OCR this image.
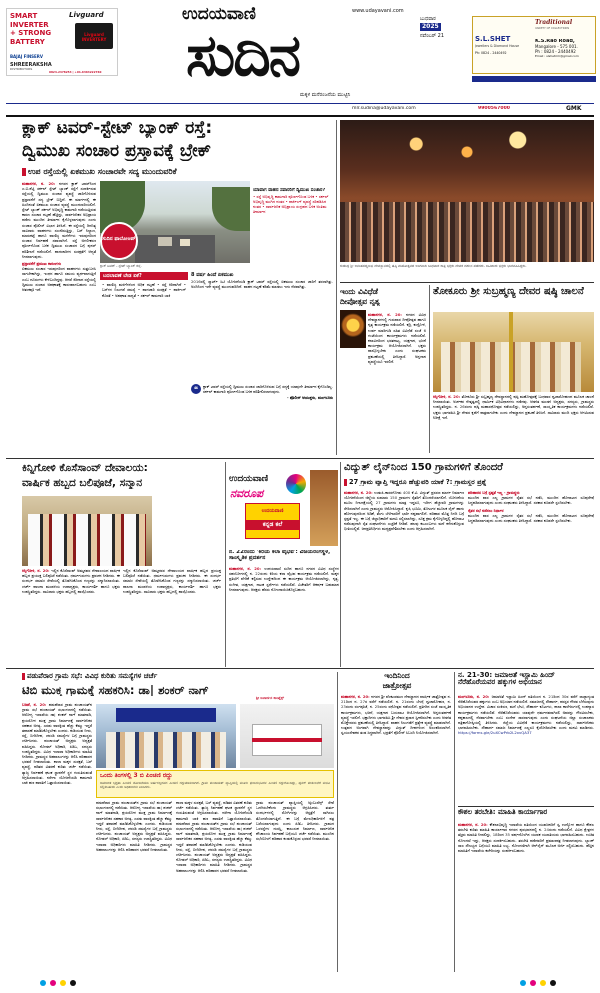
SMART
INVERTER
+ STRONG
BATTERY
Livguard
Livguard INVERTERY
BAJAJ FINSERV
SHREERAKSHA
DISTRIBUTORS
0824-2478254 | +91-6364222760
ಉದಯವಾಣಿ	www.udayavani.com
ಸುದಿನ
ಮಕ್ಕಳ ಮನೆರಂಜನೆಯ ಮುಟ್ಟಿನಿ
ಬುಧವಾರ
2025
ನವೆಂಬರ್ 21	S.L.SHET
Jewellers & Diamond House
Traditional
VARIETY OF COLLECTIONS
K.S.Rao Road,
Mangalore - 575 001.
Ph : 0824 - 2440492
Email : slshetmlr@gmail.com
Ph: 0824 - 2440492
mlr.sudina@udayavani.com	9900567000	GMK
ಕ್ಲಾಕ್ ಟವರ್-ಸ್ಟೇಟ್ ಬ್ಯಾಂಕ್ ರಸ್ತೆ:
ದ್ವಿಮುಖ ಸಂಚಾರ ಪ್ರಸ್ತಾವಕ್ಕೆ ಬ್ರೇಕ್
ಉಪ ರಸ್ತೆಯಲ್ಲಿ ಏಕಮುಖ ಸಂಚಾರವೇ ಸದ್ಯ ಮುಂದುವರಿಕೆ
ಮಹಾನಗರ, ನ. 20: ನಗರದ ಕ್ಲಾಕ್ ಟವರ್‌ನಿಂದ ಎ.ಬಿ.ಶೆಟ್ಟಿ ಸರ್ಕಲ್ ಸ್ಟೇಟ್ ಬ್ಯಾಂಕ್ ರಸ್ತೆಗೆ ಸಂಪರ್ಕಿಸುವ ರಸ್ತೆಯಲ್ಲಿ ದ್ವಿಮುಖ ಸಂಚಾರ ವ್ಯವಸ್ಥೆ ಜಾರಿಗೊಳಿಸುವ ಪ್ರಸ್ತಾವನೆಗೆ ಸದ್ಯ ಬ್ರೇಕ್ ಬಿದ್ದಿದೆ. ಈ ಮಾರ್ಗದಲ್ಲಿ ಈ ಹಿಂದಿನಂತೆ ಏಕಮುಖ ಸಂಚಾರ ವ್ಯವಸ್ಥೆ ಮುಂದುವರಿಯಲಿದೆ. ಸ್ಟೇಟ್ ಬ್ಯಾಂಕ್ ಸರ್ಕಲ್ ಅಭಿವೃದ್ಧಿ ಕಾಮಗಾರಿ ನಡೆಯುತ್ತಿರುವ ಕಾರಣ ಸಂಚಾರ ದಟ್ಟಣೆ ಹೆಚ್ಚಿದ್ದು, ಸಾರ್ವಜನಿಕರ ಅಭಿಪ್ರಾಯ ಪಡೆದು ಮುಂದಿನ ತೀರ್ಮಾನ ಕೈಗೊಳ್ಳಲಾಗುವುದು ಎಂದು ಸಂಚಾರ ಪೊಲೀಸ್ ವಿಭಾಗ ತಿಳಿಸಿದೆ. ಈ ರಸ್ತೆಯಲ್ಲಿ ದಿನನಿತ್ಯ ಸಾವಿರಾರು ವಾಹನಗಳು ಸಂಚರಿಸುತ್ತಿದ್ದು, ಬಸ್ ನಿಲ್ದಾಣ, ಮಾರುಕಟ್ಟೆ ಹಾಗೂ ವಾಣಿಜ್ಯ ಮಳಿಗೆಗಳು ಇರುವುದರಿಂದ ಸಂಚಾರ ನಿರ್ವಹಣೆ ಸವಾಲಾಗಿದೆ. ರಸ್ತೆ ಅಗಲೀಕರಣ ಪೂರ್ಣಗೊಂಡ ಬಳಿಕ ದ್ವಿಮುಖ ಸಂಚಾರದ ಬಗ್ಗೆ ಪುನರ್ ಪರಿಶೀಲನೆ ನಡೆಯಲಿದೆ. ಪಾದಚಾರಿಗಳ ಸುರಕ್ಷತೆಗೆ ಆದ್ಯತೆ ನೀಡಲಾಗುವುದು.
ಪ್ರಸ್ತಾವನೆಗೆ ಪ್ರಮುಖ ಕಾರಣಗಳು
ಏಕಮುಖ ಸಂಚಾರ ಇರುವುದರಿಂದ ವಾಹನಗಳು ಸುತ್ತುಬಳಸಿ ಸಾಗಬೇಕಾಗಿದ್ದು, ಇಂಧನ ಹಾಗೂ ಸಮಯ ವ್ಯರ್ಥವಾಗುತ್ತಿದೆ ಎಂಬ ದೂರುಗಳು ಕೇಳಿಬಂದಿದ್ದವು. ಆದರೆ ಕಿರಿದಾದ ರಸ್ತೆಯಲ್ಲಿ ದ್ವಿಮುಖ ಸಂಚಾರ ಅಪಘಾತಕ್ಕೆ ಕಾರಣವಾಗಬಹುದು ಎಂಬ ಆತಂಕವೂ ಇದೆ.
ಸುದಿನ ಫಾಲೋಅಪ್
ಕ್ಲಾಕ್ ಟವರ್ - ಸ್ಟೇಟ್ ಬ್ಯಾಂಕ್ ರಸ್ತೆ.
ಯಾವಾಗ ವಾಹನ ಸವಾರರಿಗೆ ದ್ವಿಮುಖ ಸಂಚಾರ?
• ರಸ್ತೆ ಅಭಿವೃದ್ಧಿ ಕಾಮಗಾರಿ ಪೂರ್ಣಗೊಂಡ ಬಳಿಕ • ಸರ್ಕಲ್ ಅಭಿವೃದ್ಧಿ ಮುಗಿದ ನಂತರ • ಪಾರ್ಕಿಂಗ್ ವ್ಯವಸ್ಥೆ ಸರಿಪಡಿಸಿದ ನಂತರ • ಸಾರ್ವಜನಿಕ ಅಭಿಪ್ರಾಯ ಸಂಗ್ರಹದ ಬಳಿಕ ಅಂತಿಮ ತೀರ್ಮಾನ
ಬದಲಾವಣೆ ಬೇಡ ಏಕೆ?
• ವಾಣಿಜ್ಯ ಮಳಿಗೆಗಳಿಂದ ಅಧಿಕ ದಟ್ಟಣೆ • ರಸ್ತೆ ಕಿರಿದಾಗಿದೆ • ಬಸ್‌ಗಳ ನಿಲುಗಡೆ ಸಮಸ್ಯೆ • ಪಾದಚಾರಿ ಸುರಕ್ಷತೆ • ಪಾರ್ಕಿಂಗ್ ಕೊರತೆ • ಅಪಘಾತ ಸಾಧ್ಯತೆ • ಸರ್ಕಲ್ ಕಾಮಗಾರಿ ಬಾಕಿ
8 ವರ್ಷ ಹಿಂದೆ ಏಕಮುಖ
2016ರಲ್ಲಿ ಸ್ಮಾರ್ಟ್ ಸಿಟಿ ಯೋಜನೆಯಡಿ ಕ್ಲಾಕ್ ಟವರ್ ರಸ್ತೆಯಲ್ಲಿ ಏಕಮುಖ ಸಂಚಾರ ಜಾರಿಗೆ ತರಲಾಗಿತ್ತು. ಅಂದಿನಿಂದ ಇದೇ ವ್ಯವಸ್ಥೆ ಮುಂದುವರಿದಿದೆ. ವಾಹನ ದಟ್ಟಣೆ ಕಡಿಮೆ ಮಾಡಲು ಇದು ನೆರವಾಗಿತ್ತು.
❝	ಕ್ಲಾಕ್ ಟವರ್ ರಸ್ತೆಯಲ್ಲಿ ದ್ವಿಮುಖ ಸಂಚಾರ ಜಾರಿಗೊಳಿಸುವ ಬಗ್ಗೆ ಸದ್ಯಕ್ಕೆ ಯಾವುದೇ ತೀರ್ಮಾನ ಕೈಗೊಂಡಿಲ್ಲ. ಸರ್ಕಲ್ ಕಾಮಗಾರಿ ಪೂರ್ಣಗೊಂಡ ಬಳಿಕ ಪರಿಶೀಲಿಸಲಾಗುವುದು.
- ಪೊಲೀಸ್ ಆಯುಕ್ತರು, ಮಂಗಳೂರು
ಕುಡುಪು ಶ್ರೀ ಅನಂತಪದ್ಮನಾಭ ದೇವಸ್ಥಾನದಲ್ಲಿ ಷಷ್ಠಿ ಮಹೋತ್ಸವದ ಅಂಗವಾಗಿ ಬುಧವಾರ ರಾತ್ರಿ ಭಕ್ತರು ದೇವರ ದರ್ಶನ ಪಡೆದರು. ಸಾವಿರಾರು ಭಕ್ತರು ಭಾಗವಹಿಸಿದ್ದರು.
ಇಂದು ವಿವಿಧೆಡೆ
ದೀಪೋತ್ಸವ ನೃತ್ಯ
ಮಹಾನಗರ, ನ. 20: ನಗರದ ವಿವಿಧ ದೇವಸ್ಥಾನಗಳಲ್ಲಿ ಗುರುವಾರ ದೀಪೋತ್ಸವ ಹಾಗೂ ನೃತ್ಯ ಕಾರ್ಯಕ್ರಮ ನಡೆಯಲಿದೆ. ಕದ್ರಿ, ಕುದ್ರೋಳಿ, ಉರ್ವ ಮಾರಿಗುಡಿ ಸಹಿತ ವಿವಿಧೆಡೆ ಸಂಜೆ 6 ಗಂಟೆಯಿಂದ ಕಾರ್ಯಕ್ರಮಗಳು ನಡೆಯಲಿವೆ. ಕಲಾವಿದರಿಂದ ಭರತನಾಟ್ಯ, ಯಕ್ಷಗಾನ, ಭಜನೆ ಕಾರ್ಯಕ್ರಮ ಆಯೋಜಿಸಲಾಗಿದೆ. ಭಕ್ತರು ಪಾಲ್ಗೊಳ್ಳಬೇಕು ಎಂದು ಸಂಘಟಕರು ಪ್ರಕಟಣೆಯಲ್ಲಿ ತಿಳಿಸಿದ್ದಾರೆ. ಅನ್ನದಾನ ವ್ಯವಸ್ಥೆಯೂ ಇರಲಿದೆ.
ತೋಕೂರು ಶ್ರೀ ಸುಬ್ರಹ್ಮಣ್ಯ ದೇವರ ಷಷ್ಠಿ ಚಾಲನೆ
ಕಿನ್ನಿಗೋಳಿ, ನ. 20: ತೋಕೂರು ಶ್ರೀ ಸುಬ್ರಹ್ಮಣ್ಯ ದೇವಸ್ಥಾನದಲ್ಲಿ ಷಷ್ಠಿ ಮಹೋತ್ಸವಕ್ಕೆ ಬುಧವಾರ ಧ್ವಜಾರೋಹಣದ ಮೂಲಕ ಚಾಲನೆ ನೀಡಲಾಯಿತು. ಅರ್ಚಕರ ನೇತೃತ್ವದಲ್ಲಿ ಧಾರ್ಮಿಕ ವಿಧಿವಿಧಾನಗಳು ನಡೆದವು. ಆಡಳಿತ ಮಂಡಳಿ ಅಧ್ಯಕ್ಷರು, ಸದಸ್ಯರು, ಗ್ರಾಮಸ್ಥರು ಉಪಸ್ಥಿತರಿದ್ದರು. ನ. 26ರಂದು ಷಷ್ಠಿ ಮಹಾರಥೋತ್ಸವ ನಡೆಯಲಿದ್ದು, ಅನ್ನಸಂತರ್ಪಣೆ, ಸಾಂಸ್ಕೃತಿಕ ಕಾರ್ಯಕ್ರಮಗಳು ನಡೆಯಲಿವೆ. ಭಕ್ತರು ಭಾಗವಹಿಸಿ ಶ್ರೀ ದೇವರ ಕೃಪೆಗೆ ಪಾತ್ರರಾಗಬೇಕು ಎಂದು ದೇವಸ್ಥಾನದ ಪ್ರಕಟಣೆ ತಿಳಿಸಿದೆ. ಸಾವಿರಾರು ಮಂದಿ ಭಕ್ತರು ಆಗಮಿಸುವ ನಿರೀಕ್ಷೆ ಇದೆ.
ಕಿನ್ನಿಗೋಳಿ ಕೊಸೆಸಾಂವ್ ದೇವಾಲಯ:
ವಾರ್ಷಿಕ ಹಬ್ಬದ ಬಲಿಪೂಜೆ, ಸನ್ಮಾನ
ಕಿನ್ನಿಗೋಳಿ, ನ. 20: ಇಲ್ಲಿನ ಕೊಸೆಸಾಂವ್ ಅಮ್ಮನವರ ದೇವಾಲಯದ ವಾರ್ಷಿಕ ಹಬ್ಬದ ಪ್ರಯುಕ್ತ ಬಲಿಪೂಜೆ ನಡೆಯಿತು. ಧರ್ಮಗುರುಗಳು ಪ್ರವಚನ ನೀಡಿದರು. ಈ ಸಂದರ್ಭ ಸಮಾಜ ಸೇವೆಯಲ್ಲಿ ತೊಡಗಿಸಿಕೊಂಡ ಗಣ್ಯರನ್ನು ಸನ್ಮಾನಿಸಲಾಯಿತು. ಚರ್ಚ್ ಪಾಲನಾ ಮಂಡಳಿಯ ಉಪಾಧ್ಯಕ್ಷರು, ಕಾರ್ಯದರ್ಶಿ ಹಾಗೂ ಭಕ್ತರು ಉಪಸ್ಥಿತರಿದ್ದರು. ಸಾವಿರಾರು ಭಕ್ತರು ಹಬ್ಬದಲ್ಲಿ ಪಾಲ್ಗೊಂಡರು.
ಇಲ್ಲಿನ ಕೊಸೆಸಾಂವ್ ಅಮ್ಮನವರ ದೇವಾಲಯದ ವಾರ್ಷಿಕ ಹಬ್ಬದ ಪ್ರಯುಕ್ತ ಬಲಿಪೂಜೆ ನಡೆಯಿತು. ಧರ್ಮಗುರುಗಳು ಪ್ರವಚನ ನೀಡಿದರು. ಈ ಸಂದರ್ಭ ಸಮಾಜ ಸೇವೆಯಲ್ಲಿ ತೊಡಗಿಸಿಕೊಂಡ ಗಣ್ಯರನ್ನು ಸನ್ಮಾನಿಸಲಾಯಿತು. ಚರ್ಚ್ ಪಾಲನಾ ಮಂಡಳಿಯ ಉಪಾಧ್ಯಕ್ಷರು, ಕಾರ್ಯದರ್ಶಿ ಹಾಗೂ ಭಕ್ತರು ಉಪಸ್ಥಿತರಿದ್ದರು. ಸಾವಿರಾರು ಭಕ್ತರು ಹಬ್ಬದಲ್ಲಿ ಪಾಲ್ಗೊಂಡರು.
ಉದಯವಾಣಿ
ನವರೂಪ
ಉದಯವಾಣಿ
ಕನ್ನಡ ಕಲೆ
ನ. 22ರಂದು 'ಕಿರಿಯ ಕಲಾ ವೈಭವ': ವಿಜಯರಂಗಸ್ಥಳ, ಸಾಂಸ್ಕೃತಿಕ ಪ್ರದರ್ಶನ
ಮಹಾನಗರ, ನ. 20: ಉದಯವಾಣಿ ಸುದಿನ ಹಾಗೂ ನಗರದ ವಿವಿಧ ಸಂಸ್ಥೆಗಳ ಸಹಯೋಗದಲ್ಲಿ ನ. 22ರಂದು ಕಿರಿಯ ಕಲಾ ವೈಭವ ಕಾರ್ಯಕ್ರಮ ನಡೆಯಲಿದೆ. ಮಕ್ಕಳ ಪ್ರತಿಭೆಗೆ ವೇದಿಕೆ ಕಲ್ಪಿಸುವ ಉದ್ದೇಶದಿಂದ ಈ ಕಾರ್ಯಕ್ರಮ ಆಯೋಜಿಸಲಾಗಿದ್ದು, ನೃತ್ಯ, ಸಂಗೀತ, ಯಕ್ಷಗಾನ, ನಾಟಕ ಸ್ಪರ್ಧೆಗಳು ನಡೆಯಲಿವೆ. ವಿಜೇತರಿಗೆ ಆಕರ್ಷಕ ಬಹುಮಾನ ನೀಡಲಾಗುವುದು. ಆಸಕ್ತರು ಹೆಸರು ನೋಂದಾಯಿಸಿಕೊಳ್ಳಬಹುದು.
ವಿದ್ಯುತ್ ಲೈನ್‌ನಿಂದ 150 ಗ್ರಾಮಗಳಿಗೆ ತೊಂದರೆ
27 ಗ್ರಾಮ ವ್ಯಾಪ್ತಿ ಇದ್ದರೂ ಹೆಚ್ಚುವರಿ ಯಾಕೆ ?: ಗ್ರಾಮಸ್ಥರ ಪ್ರಶ್ನೆ
ಮಹಾನಗರ, ನ. 20: ಉಡುಪಿ-ಕಾಸರಗೋಡು 400 ಕೆ.ವಿ. ವಿದ್ಯುತ್ ಪ್ರಸರಣ ಮಾರ್ಗ ನಿರ್ಮಾಣ ಯೋಜನೆಯಿಂದ ಜಿಲ್ಲೆಯ ಸುಮಾರು 150 ಗ್ರಾಮಗಳ ರೈತರಿಗೆ ತೊಂದರೆಯಾಗಲಿದೆ. ಯೋಜನೆಯ ಮೂಲ ನೀಲನಕ್ಷೆಯಲ್ಲಿ 27 ಗ್ರಾಮಗಳು ಮಾತ್ರ ಇದ್ದರೂ, ಇದೀಗ ಹೆಚ್ಚುವರಿ ಗ್ರಾಮಗಳನ್ನು ಸೇರಿಸಲಾಗಿದೆ ಎಂದು ಗ್ರಾಮಸ್ಥರು ಆರೋಪಿಸಿದ್ದಾರೆ. ಕೃಷಿ ಭೂಮಿ, ತೋಟಗಳ ಮೂಲಕ ಲೈನ್ ಹಾದು ಹೋಗುವುದರಿಂದ ಅಡಿಕೆ, ತೆಂಗು ಬೆಳೆಗಾರರಿಗೆ ಭಾರೀ ನಷ್ಟವಾಗಲಿದೆ. ಪರಿಹಾರ ಮೊತ್ತ ನಿಗದಿ ಬಗ್ಗೆ ಸ್ಪಷ್ಟತೆ ಇಲ್ಲ. ಈ ಬಗ್ಗೆ ಜಿಲ್ಲಾಧಿಕಾರಿಗೆ ಮನವಿ ಸಲ್ಲಿಸಲಾಗಿದ್ದು, ಸೂಕ್ತ ಕ್ರಮ ಕೈಗೊಳ್ಳದಿದ್ದಲ್ಲಿ ಹೋರಾಟ ನಡೆಸುವುದಾಗಿ ರೈತ ಸಂಘಟನೆಗಳು ಎಚ್ಚರಿಕೆ ನೀಡಿವೆ. ಹಲವು ಕುಟುಂಬಗಳು ಮನೆ ಕಳೆದುಕೊಳ್ಳುವ ಭೀತಿಯಲ್ಲಿವೆ. ಜನಪ್ರತಿನಿಧಿಗಳು ಮಧ್ಯಪ್ರವೇಶಿಸಬೇಕು ಎಂದು ಆಗ್ರಹಿಸಲಾಗಿದೆ.
ಪರಿಹಾರದ ಬಗ್ಗೆ ಸ್ಪಷ್ಟತೆ ಇಲ್ಲ - ಗ್ರಾಮಸ್ಥರು
ಮುಂದಿನ ವಾರ ಎಲ್ಲ ಗ್ರಾಮಗಳ ರೈತರ ಸಭೆ ನಡೆಸಿ, ಮುಂದಿನ ಹೋರಾಟದ ರೂಪುರೇಷೆ ಸಿದ್ಧಪಡಿಸಲಾಗುವುದು ಎಂದು ಸಂಘಟಕರು ತಿಳಿಸಿದ್ದಾರೆ. ಸರಕಾರ ಕೂಡಲೇ ಸ್ಪಂದಿಸಬೇಕು.
ರೈತರ ಸಭೆ ನಡೆಸಲು ನಿರ್ಧಾರ
ಮುಂದಿನ ವಾರ ಎಲ್ಲ ಗ್ರಾಮಗಳ ರೈತರ ಸಭೆ ನಡೆಸಿ, ಮುಂದಿನ ಹೋರಾಟದ ರೂಪುರೇಷೆ ಸಿದ್ಧಪಡಿಸಲಾಗುವುದು ಎಂದು ಸಂಘಟಕರು ತಿಳಿಸಿದ್ದಾರೆ. ಸರಕಾರ ಕೂಡಲೇ ಸ್ಪಂದಿಸಬೇಕು.
ಪಡುಪೆರಾರ ಗ್ರಾಮ ಸಭೆ: ವಿವಿಧ ಕುರಿತು ಸಮಸ್ಯೆಗಳ ಚರ್ಚೆ
ಟಿಬಿ ಮುಕ್ತ ಗ್ರಾಮಕ್ಕೆ ಸಹಕರಿಸಿ: ಡಾ| ಶಂಕರ್ ನಾಗ್
ಬಜಪೆ, ನ. 20: ಪಡುಪೆರಾರ ಗ್ರಾಮ ಪಂಚಾಯತ್‌ನ ಗ್ರಾಮ ಸಭೆ ಪಂಚಾಯತ್ ಸಭಾಂಗಣದಲ್ಲಿ ನಡೆಯಿತು. ಆರೋಗ್ಯ ಇಲಾಖೆಯ ಡಾ| ಶಂಕರ್ ನಾಗ್ ಮಾತನಾಡಿ, ಕ್ಷಯರೋಗ ಮುಕ್ತ ಗ್ರಾಮ ನಿರ್ಮಾಣಕ್ಕೆ ಸಾರ್ವಜನಿಕರ ಸಹಕಾರ ಅಗತ್ಯ. ಎರಡು ವಾರಕ್ಕಿಂತ ಹೆಚ್ಚು ಕೆಮ್ಮು ಇದ್ದರೆ ತಪಾಸಣೆ ಮಾಡಿಸಿಕೊಳ್ಳಬೇಕು ಎಂದರು. ಕುಡಿಯುವ ನೀರು, ರಸ್ತೆ, ಬೀದಿದೀಪ, ಚರಂಡಿ ಸಮಸ್ಯೆಗಳ ಬಗ್ಗೆ ಗ್ರಾಮಸ್ಥರು ಚರ್ಚಿಸಿದರು. ಪಂಚಾಯತ್ ಅಧ್ಯಕ್ಷರು ಅಧ್ಯಕ್ಷತೆ ವಹಿಸಿದ್ದರು. ನೋಡಲ್ ಅಧಿಕಾರಿ, ಪಿಡಿಒ, ಸದಸ್ಯರು ಉಪಸ್ಥಿತರಿದ್ದರು. ವಿವಿಧ ಇಲಾಖಾ ಅಧಿಕಾರಿಗಳು ಮಾಹಿತಿ ನೀಡಿದರು. ಗ್ರಾಮಸ್ಥರ ಅಹವಾಲುಗಳನ್ನು ಆಲಿಸಿ ಪರಿಹಾರದ ಭರವಸೆ ನೀಡಲಾಯಿತು. ಶಾಲಾ ಮಕ್ಕಳ ಸುರಕ್ಷತೆ, ಬಸ್ ವ್ಯವಸ್ಥೆ, ಪಡಿತರ ವಿತರಣೆ ಕುರಿತು ಚರ್ಚೆ ನಡೆಯಿತು. ತ್ಯಾಜ್ಯ ನಿರ್ವಹಣೆ ಘಟಕ ಸ್ಥಾಪನೆಗೆ ಸ್ಥಳ ಗುರುತಿಸುವಂತೆ ಆಗ್ರಹಿಸಲಾಯಿತು. ನರೇಗಾ ಯೋಜನೆಯಡಿ ಕಾಮಗಾರಿ ಬಾಕಿ ಹಣ ಪಾವತಿಗೆ ಒತ್ತಾಯಿಸಲಾಯಿತು.
ಒಂದು ತಿಂಗಳಲ್ಲಿ 3 ಬಿ ಪಿಂಚಣಿ ರದ್ದು
ಸಾಮಾಜಿಕ ಭದ್ರತಾ ಪಿಂಚಣಿ ಯೋಜನೆಯಡಿ ಅರ್ಹರಲ್ಲದವರ ಪಿಂಚಣಿ ರದ್ದುಪಡಿಸಲಾಗಿದೆ. ಗ್ರಾಮ ಪಂಚಾಯತ್ ವ್ಯಾಪ್ತಿಯಲ್ಲಿ ಮೂರು ಫಲಾನುಭವಿಗಳ ಪಿಂಚಣಿ ರದ್ದುಗೊಂಡಿದ್ದು, ಪುನರ್ ಪರಿಶೀಲನೆಗೆ ಮನವಿ ಸಲ್ಲಿಸಬಹುದು ಎಂದು ಅಧಿಕಾರಿಗಳು ತಿಳಿಸಿದರು.
ಪಡುಪೆರಾರ ಗ್ರಾಮ ಪಂಚಾಯತ್‌ನ ಗ್ರಾಮ ಸಭೆ ಪಂಚಾಯತ್ ಸಭಾಂಗಣದಲ್ಲಿ ನಡೆಯಿತು. ಆರೋಗ್ಯ ಇಲಾಖೆಯ ಡಾ| ಶಂಕರ್ ನಾಗ್ ಮಾತನಾಡಿ, ಕ್ಷಯರೋಗ ಮುಕ್ತ ಗ್ರಾಮ ನಿರ್ಮಾಣಕ್ಕೆ ಸಾರ್ವಜನಿಕರ ಸಹಕಾರ ಅಗತ್ಯ. ಎರಡು ವಾರಕ್ಕಿಂತ ಹೆಚ್ಚು ಕೆಮ್ಮು ಇದ್ದರೆ ತಪಾಸಣೆ ಮಾಡಿಸಿಕೊಳ್ಳಬೇಕು ಎಂದರು. ಕುಡಿಯುವ ನೀರು, ರಸ್ತೆ, ಬೀದಿದೀಪ, ಚರಂಡಿ ಸಮಸ್ಯೆಗಳ ಬಗ್ಗೆ ಗ್ರಾಮಸ್ಥರು ಚರ್ಚಿಸಿದರು. ಪಂಚಾಯತ್ ಅಧ್ಯಕ್ಷರು ಅಧ್ಯಕ್ಷತೆ ವಹಿಸಿದ್ದರು. ನೋಡಲ್ ಅಧಿಕಾರಿ, ಪಿಡಿಒ, ಸದಸ್ಯರು ಉಪಸ್ಥಿತರಿದ್ದರು. ವಿವಿಧ ಇಲಾಖಾ ಅಧಿಕಾರಿಗಳು ಮಾಹಿತಿ ನೀಡಿದರು. ಗ್ರಾಮಸ್ಥರ ಅಹವಾಲುಗಳನ್ನು ಆಲಿಸಿ ಪರಿಹಾರದ ಭರವಸೆ ನೀಡಲಾಯಿತು.
ಶಾಲಾ ಮಕ್ಕಳ ಸುರಕ್ಷತೆ, ಬಸ್ ವ್ಯವಸ್ಥೆ, ಪಡಿತರ ವಿತರಣೆ ಕುರಿತು ಚರ್ಚೆ ನಡೆಯಿತು. ತ್ಯಾಜ್ಯ ನಿರ್ವಹಣೆ ಘಟಕ ಸ್ಥಾಪನೆಗೆ ಸ್ಥಳ ಗುರುತಿಸುವಂತೆ ಆಗ್ರಹಿಸಲಾಯಿತು. ನರೇಗಾ ಯೋಜನೆಯಡಿ ಕಾಮಗಾರಿ ಬಾಕಿ ಹಣ ಪಾವತಿಗೆ ಒತ್ತಾಯಿಸಲಾಯಿತು. ಪಡುಪೆರಾರ ಗ್ರಾಮ ಪಂಚಾಯತ್‌ನ ಗ್ರಾಮ ಸಭೆ ಪಂಚಾಯತ್ ಸಭಾಂಗಣದಲ್ಲಿ ನಡೆಯಿತು. ಆರೋಗ್ಯ ಇಲಾಖೆಯ ಡಾ| ಶಂಕರ್ ನಾಗ್ ಮಾತನಾಡಿ, ಕ್ಷಯರೋಗ ಮುಕ್ತ ಗ್ರಾಮ ನಿರ್ಮಾಣಕ್ಕೆ ಸಾರ್ವಜನಿಕರ ಸಹಕಾರ ಅಗತ್ಯ. ಎರಡು ವಾರಕ್ಕಿಂತ ಹೆಚ್ಚು ಕೆಮ್ಮು ಇದ್ದರೆ ತಪಾಸಣೆ ಮಾಡಿಸಿಕೊಳ್ಳಬೇಕು ಎಂದರು. ಕುಡಿಯುವ ನೀರು, ರಸ್ತೆ, ಬೀದಿದೀಪ, ಚರಂಡಿ ಸಮಸ್ಯೆಗಳ ಬಗ್ಗೆ ಗ್ರಾಮಸ್ಥರು ಚರ್ಚಿಸಿದರು. ಪಂಚಾಯತ್ ಅಧ್ಯಕ್ಷರು ಅಧ್ಯಕ್ಷತೆ ವಹಿಸಿದ್ದರು. ನೋಡಲ್ ಅಧಿಕಾರಿ, ಪಿಡಿಒ, ಸದಸ್ಯರು ಉಪಸ್ಥಿತರಿದ್ದರು. ವಿವಿಧ ಇಲಾಖಾ ಅಧಿಕಾರಿಗಳು ಮಾಹಿತಿ ನೀಡಿದರು. ಗ್ರಾಮಸ್ಥರ ಅಹವಾಲುಗಳನ್ನು ಆಲಿಸಿ ಪರಿಹಾರದ ಭರವಸೆ ನೀಡಲಾಯಿತು.
ಶ್ರೀ ಜನಾರ್ದನ ಕಾಂಪ್ಲೆಕ್ಸ್
ಗ್ರಾಮ ಪಂಚಾಯತ್ ವ್ಯಾಪ್ತಿಯಲ್ಲಿ ಆ್ಯಂಬುಲೆನ್ಸ್ ಸೇವೆ ಒದಗಿಸಬೇಕೆಂದು ಗ್ರಾಮಸ್ಥರು ಆಗ್ರಹಿಸಿದರು. ತುರ್ತು ಸಂದರ್ಭಗಳಲ್ಲಿ ರೋಗಿಗಳನ್ನು ಆಸ್ಪತ್ರೆಗೆ ಸಾಗಿಸಲು ತೊಂದರೆಯಾಗುತ್ತಿದೆ. ಈ ಬಗ್ಗೆ ಮೇಲಧಿಕಾರಿಗಳಿಗೆ ಪತ್ರ ಬರೆಯಲಾಗುವುದು ಎಂದು ಪಿಡಿಒ ತಿಳಿಸಿದರು. ಗ್ರಾಮದ ಒಳರಸ್ತೆಗಳ ದುರಸ್ತಿ, ಕಾಲುಸಂಕ ನಿರ್ಮಾಣ, ಸಾರ್ವಜನಿಕ ಶೌಚಾಲಯ ನಿರ್ವಹಣೆ ಬಗ್ಗೆಯೂ ಚರ್ಚೆ ನಡೆಯಿತು. ಮುಂದಿನ ಸಭೆಯೊಳಗೆ ಪರಿಹಾರ ಕಂಡುಕೊಳ್ಳುವ ಭರವಸೆ ನೀಡಲಾಯಿತು.
ಇಂದಿನಿಂದ
ಜಾತ್ರೋತ್ಸವ
ಮಹಾನಗರ, ನ. 20: ನಗರದ ಶ್ರೀ ವೆಂಕಟರಮಣ ದೇವಸ್ಥಾನದ ವಾರ್ಷಿಕ ಜಾತ್ರೋತ್ಸವ ನ. 21ರಿಂದ ನ. 27ರ ವರೆಗೆ ನಡೆಯಲಿದೆ. ನ. 21ರಂದು ಬೆಳಗ್ಗೆ ಧ್ವಜಾರೋಹಣ, ನ. 23ರಂದು ರಂಗಪೂಜೆ, ನ. 25ರಂದು ರಥೋತ್ಸವ ನಡೆಯಲಿದೆ. ಪ್ರತೀದಿನ ಸಂಜೆ ಸಾಂಸ್ಕೃತಿಕ ಕಾರ್ಯಕ್ರಮಗಳು, ಭಜನೆ, ಯಕ್ಷಗಾನ ಬಯಲಾಟ ಆಯೋಜಿಸಲಾಗಿದೆ. ಅನ್ನಸಂತರ್ಪಣೆ ವ್ಯವಸ್ಥೆ ಇರಲಿದೆ. ಭಕ್ತಾದಿಗಳು ಭಾಗವಹಿಸಿ ಶ್ರೀ ದೇವರ ಪ್ರಸಾದ ಸ್ವೀಕರಿಸಬೇಕು ಎಂದು ಆಡಳಿತ ಮೊಕ್ತೇಸರರು ಪ್ರಕಟಣೆಯಲ್ಲಿ ತಿಳಿಸಿದ್ದಾರೆ. ವಾಹನ ನಿಲುಗಡೆಗೆ ಪ್ರತ್ಯೇಕ ವ್ಯವಸ್ಥೆ ಮಾಡಲಾಗಿದೆ. ಉತ್ಸವದ ಅಂಗವಾಗಿ ದೇವಸ್ಥಾನವನ್ನು ವಿದ್ಯುತ್ ದೀಪಗಳಿಂದ ಅಲಂಕರಿಸಲಾಗಿದೆ. ಸ್ವಯಂಸೇವಕರ ತಂಡ ಸಿದ್ಧವಾಗಿದೆ. ಭದ್ರತೆಗೆ ಪೊಲೀಸ್ ಸಿಬಂದಿ ನಿಯೋಜಿಸಲಾಗಿದೆ.
ನ. 21-30: ಜಮಾಅತೆ ಇಸ್ಲಾಮಿ ಹಿಂದ್ ನೆರೆಹೊರೆಯವರ ಹಕ್ಕುಗಳ ಅಭಿಯಾನ
ಮಂಗಳೂರು, ನ. 20: ಜಮಾಅತೆ ಇಸ್ಲಾಮಿ ಹಿಂದ್ ವತಿಯಿಂದ ನ. 21ರಿಂದ 30ರ ವರೆಗೆ ರಾಜ್ಯಾದ್ಯಂತ ನೆರೆಹೊರೆಯವರ ಹಕ್ಕುಗಳು ಎಂಬ ಅಭಿಯಾನ ನಡೆಯಲಿದೆ. ಸಮಾಜದಲ್ಲಿ ಸೌಹಾರ್ದ, ಪರಸ್ಪರ ಗೌರವ ಬೆಳೆಸುವುದು ಅಭಿಯಾನದ ಉದ್ದೇಶ. ವಿಚಾರ ಸಂಕಿರಣ, ಮನೆ ಭೇಟಿ, ಸೌಹಾರ್ದ ಕೂಟಗಳು, ಶಾಲಾ ಕಾಲೇಜುಗಳಲ್ಲಿ ಉಪನ್ಯಾಸ ಕಾರ್ಯಕ್ರಮಗಳು ನಡೆಯಲಿವೆ. ನೆರೆಹೊರೆಯವರು ಯಾವುದೇ ಧರ್ಮದವರಾಗಿರಲಿ ಅವರನ್ನು ಗೌರವಿಸಬೇಕು, ಕಷ್ಟಕಾಲದಲ್ಲಿ ನೆರವಾಗಬೇಕು ಎಂಬ ಸಂದೇಶ ಸಾರಲಾಗುವುದು ಎಂದು ಸಂಘಟನೆಯ ಜಿಲ್ಲಾ ಸಂಚಾಲಕರು ಪತ್ರಿಕಾಗೋಷ್ಠಿಯಲ್ಲಿ ತಿಳಿಸಿದರು. ಜಿಲ್ಲೆಯ ವಿವಿಧೆಡೆ ಕಾರ್ಯಕ್ರಮಗಳು ನಡೆಯಲಿದ್ದು, ಸಾರ್ವಜನಿಕರು ಭಾಗವಹಿಸಬೇಕು. ಸೌಹಾರ್ದ ಸಮಾಜ ನಿರ್ಮಾಣಕ್ಕೆ ಎಲ್ಲರೂ ಕೈಜೋಡಿಸಬೇಕು ಎಂದು ಮನವಿ ಮಾಡಿದರು. https://forms.gle/2uXCwPrb2L2xvQA37
ಕೌಶಲ ತರಬೇತಿ: ಮಾಹಿತಿ ಕಾರ್ಯಾಗಾರ
ಮಹಾನಗರ, ನ. 20: ಕೌಶಲಾಭಿವೃದ್ಧಿ ಇಲಾಖೆಯ ವತಿಯಿಂದ ಯುವಜನರಿಗೆ ಸ್ವ ಉದ್ಯೋಗ ಹಾಗೂ ಕೌಶಲ ತರಬೇತಿ ಕುರಿತು ಮಾಹಿತಿ ಕಾರ್ಯಾಗಾರ ನಗರದ ಪುರಭವನದಲ್ಲಿ ನ. 24ರಂದು ನಡೆಯಲಿದೆ. ವಿವಿಧ ಕ್ಷೇತ್ರಗಳ ತಜ್ಞರು ಮಾಹಿತಿ ನೀಡಲಿದ್ದು, 18ರಿಂದ 35 ವರ್ಷದೊಳಗಿನ ಯುವಕ ಯುವತಿಯರು ಭಾಗವಹಿಸಬಹುದು. ಉಚಿತ ನೋಂದಣಿ ಇದ್ದು, ಆಸಕ್ತರು ಸಂಪರ್ಕಿಸಬಹುದು. ತರಬೇತಿ ಪಡೆದವರಿಗೆ ಪ್ರಮಾಣಪತ್ರ ನೀಡಲಾಗುವುದು. ಬ್ಯಾಂಕ್ ಸಾಲ ಸೌಲಭ್ಯದ ಬಗ್ಗೆಯೂ ಮಾಹಿತಿ ಲಭ್ಯ. ನೋಂದಣಿಗಾಗಿ ಆನ್‌ಲೈನ್ ಮೂಲಕ ಅರ್ಜಿ ಸಲ್ಲಿಸಬಹುದು. ಹೆಚ್ಚಿನ ಮಾಹಿತಿಗೆ ಇಲಾಖೆಯ ಕಚೇರಿಯನ್ನು ಸಂಪರ್ಕಿಸಬಹುದು.
